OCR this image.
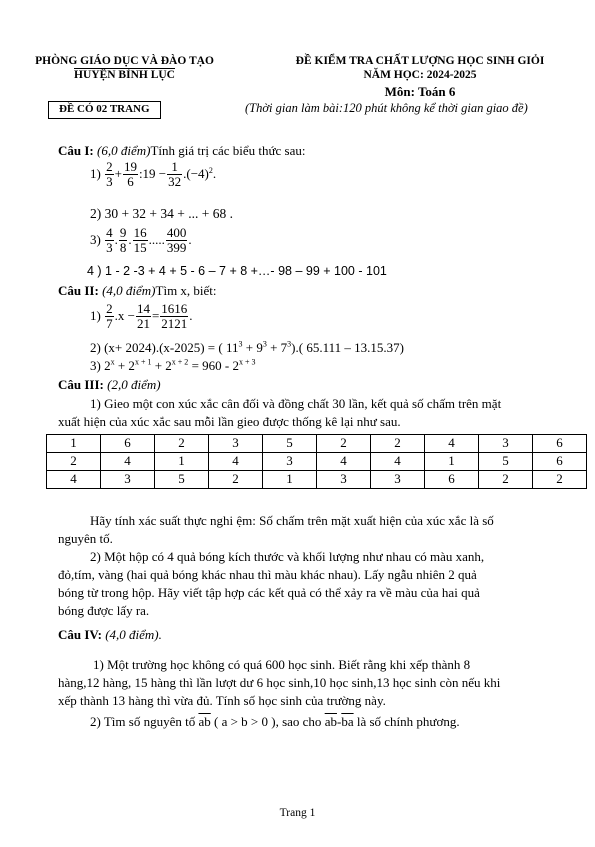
PHÒNG GIÁO DỤC VÀ ĐÀO TẠO
HUYỆN BÌNH LỤC
ĐỀ CÓ 02 TRANG
ĐỀ KIỂM TRA CHẤT LƯỢNG HỌC SINH GIỎI
NĂM HỌC: 2024-2025
Môn: Toán 6
(Thời gian làm bài:120 phút không kể thời gian giao đề)
Câu I: (6,0 điểm)Tính giá trị các biểu thức sau:
$1) \frac{2}{3} + \frac{19}{6}$ :19 − $\frac{1}{32} .(-4)^2$.
2) 30 + 32 + 34 + ... + 68 .
$3) \frac{4}{3}$ . $\frac{9}{8}$ . $\frac{16}{15}$ ..... $\frac{400}{399}$ .
4 ) 1 - 2 -3 + 4 + 5 - 6 – 7 + 8 +…- 98 – 99 + 100 - 101
Câu II: (4,0 điểm)Tìm x, biết:
$1) \frac{2}{7} .x - \frac{14}{21} = \frac{1616}{2121}$ .
2) (x+ 2024).(x-2025) = ( $11^3 + 9^3 + 7^3$).( 65.111 – 13.15.37)
3) $2^x + 2^{x + 1} + 2^{x + 2} = 960 - 2^{x + 3}$
Câu III: (2,0 điểm)
1) Gieo một con xúc xắc cân đối và đồng chất 30 lần, kết quả số chấm trên mặt
xuất hiện của xúc xắc sau mỗi lần gieo được thống kê lại như sau.
1	6	2	3	5	2	2	4	3	6
2	4	1	4	3	4	4	1	5	6
4	3	5	2	1	3	3	6	2	2
Hãy tính xác suất thực nghi ệm: Số chấm trên mặt xuất hiện của xúc xắc là số
nguyên tố.
2) Một hộp có 4 quả bóng kích thước và khối lượng như nhau có màu xanh,
đỏ,tím, vàng (hai quả bóng khác nhau thì màu khác nhau). Lấy ngẫu nhiên 2 quả
bóng từ trong hộp. Hãy viết tập hợp các kết quả có thể xảy ra về màu của hai quả
bóng được lấy ra.
Câu IV: (4,0 điểm).
1) Một trường học không có quá 600 học sinh. Biết rằng khi xếp thành 8
hàng,12 hàng, 15 hàng thì lần lượt dư 6 học sinh,10 học sinh,13 học sinh còn nếu khi
xếp thành 13 hàng thì vừa đủ. Tính số học sinh của trường này.
2) Tìm số nguyên tố $\overline{ab}$ ( a > b > 0 ), sao cho $\overline{ab}-\overline{ba}$ là số chính phương.
Trang 1
